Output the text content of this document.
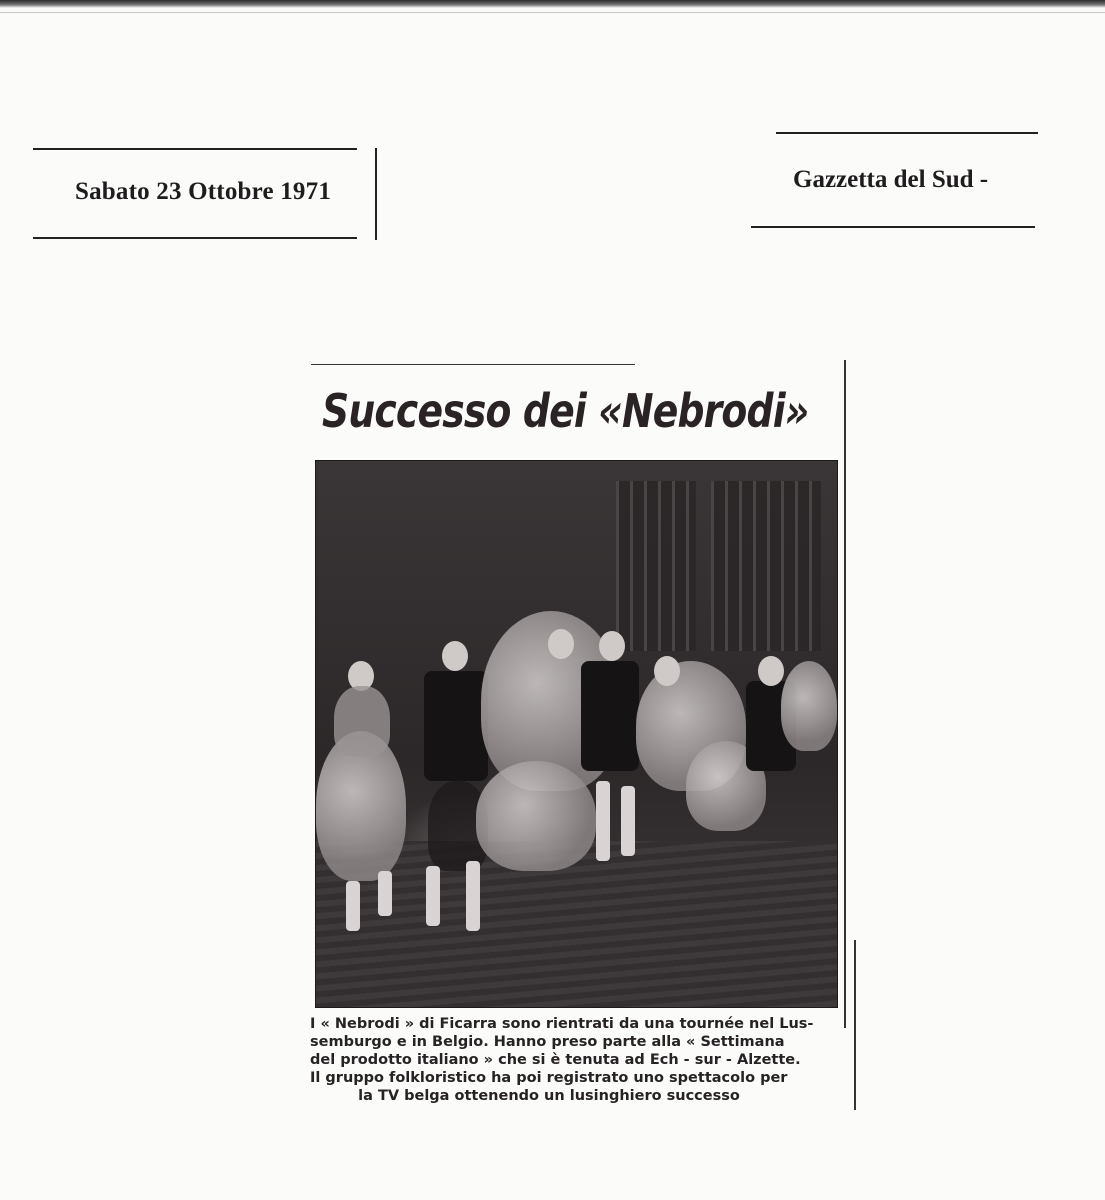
Sabato 23 Ottobre 1971	Gazzetta del Sud -
Successo dei «Nebrodi»
I « Nebrodi » di Ficarra sono rientrati da una tournée nel Lus-
semburgo e in Belgio. Hanno preso parte alla « Settimana
del prodotto italiano » che si è tenuta ad Ech - sur - Alzette.
Il gruppo folkloristico ha poi registrato uno spettacolo per
la TV belga ottenendo un lusinghiero successo
